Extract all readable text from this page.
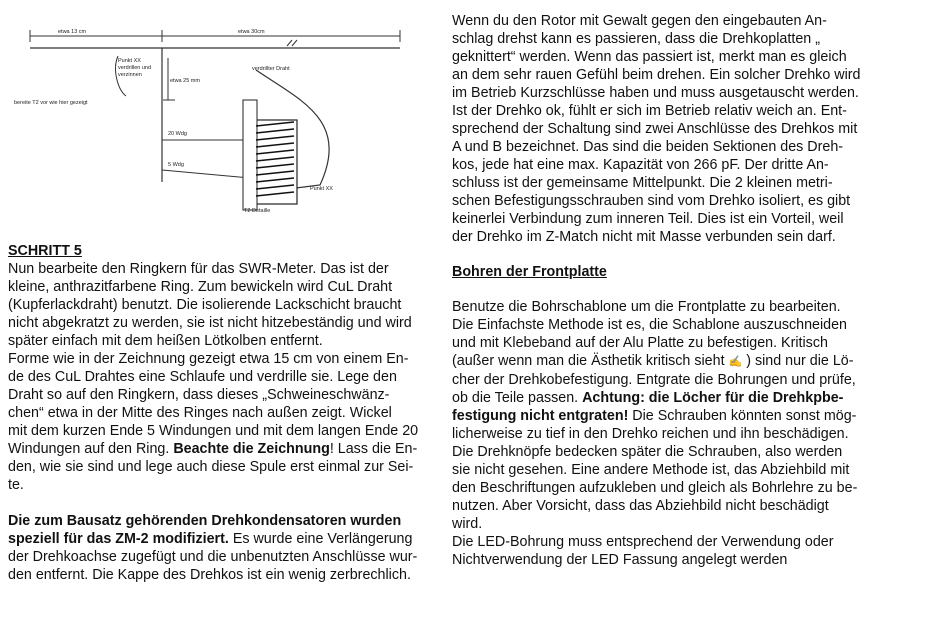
etwa 13 cm	etwa 30cm
Punkt XX
verdrillen und
verzinnen
etwa 25 mm
verdrillter Draht
bereite T2 vor wie hier gezeigt
20 Wdg
5 Wdg
Punkt XX
T2 Detaille
SCHRITT 5
Nun bearbeite den Ringkern für das SWR-Meter. Das ist der
kleine, anthrazitfarbene Ring. Zum bewickeln wird CuL Draht
(Kupferlackdraht) benutzt. Die isolierende Lackschicht braucht
nicht abgekratzt zu werden, sie ist nicht hitzebeständig und wird
später einfach mit dem heißen Lötkolben entfernt.
Forme wie in der Zeichnung gezeigt etwa 15 cm von einem En-
de des CuL Drahtes eine Schlaufe und verdrille sie. Lege den
Draht so auf den Ringkern, dass dieses „Schweineschwänz-
chen“ etwa in der Mitte des Ringes nach außen zeigt. Wickel
mit dem kurzen Ende 5 Windungen und mit dem langen Ende 20
Windungen auf den Ring. Beachte die Zeichnung! Lass die En-
den, wie sie sind und lege auch diese Spule erst einmal zur Sei-
te.
Die zum Bausatz gehörenden Drehkondensatoren wurden
speziell für das ZM-2 modifiziert. Es wurde eine Verlängerung
der Drehkoachse zugefügt und die unbenutzten Anschlüsse wur-
den entfernt. Die Kappe des Drehkos ist ein wenig zerbrechlich.
Wenn du den Rotor mit Gewalt gegen den eingebauten An-
schlag drehst kann es passieren, dass die Drehkoplatten „
geknittert“ werden. Wenn das passiert ist, merkt man es gleich
an dem sehr rauen Gefühl beim drehen. Ein solcher Drehko wird
im Betrieb Kurzschlüsse haben und muss ausgetauscht werden.
Ist der Drehko ok, fühlt er sich im Betrieb relativ weich an. Ent-
sprechend der Schaltung sind zwei Anschlüsse des Drehkos mit
A und B bezeichnet. Das sind die beiden Sektionen des Dreh-
kos, jede hat eine max. Kapazität von 266 pF. Der dritte An-
schluss ist der gemeinsame Mittelpunkt. Die 2 kleinen metri-
schen Befestigungsschrauben sind vom Drehko isoliert, es gibt
keinerlei Verbindung zum inneren Teil. Dies ist ein Vorteil, weil
der Drehko im Z-Match nicht mit Masse verbunden sein darf.
Bohren der Frontplatte
Benutze die Bohrschablone um die Frontplatte zu bearbeiten.
Die Einfachste Methode ist es, die Schablone auszuschneiden
und mit Klebeband auf der Alu Platte zu befestigen. Kritisch
(außer wenn man die Ästhetik kritisch sieht ✍ ) sind nur die Lö-
cher der Drehkobefestigung. Entgrate die Bohrungen und prüfe,
ob die Teile passen. Achtung: die Löcher für die Drehkpbe-
festigung nicht entgraten! Die Schrauben könnten sonst mög-
licherweise zu tief in den Drehko reichen und ihn beschädigen.
Die Drehknöpfe bedecken später die Schrauben, also werden
sie nicht gesehen. Eine andere Methode ist, das Abziehbild mit
den Beschriftungen aufzukleben und gleich als Bohrlehre zu be-
nutzen. Aber Vorsicht, dass das Abziehbild nicht beschädigt
wird.
Die LED-Bohrung muss entsprechend der Verwendung oder
Nichtverwendung der LED Fassung angelegt werden
